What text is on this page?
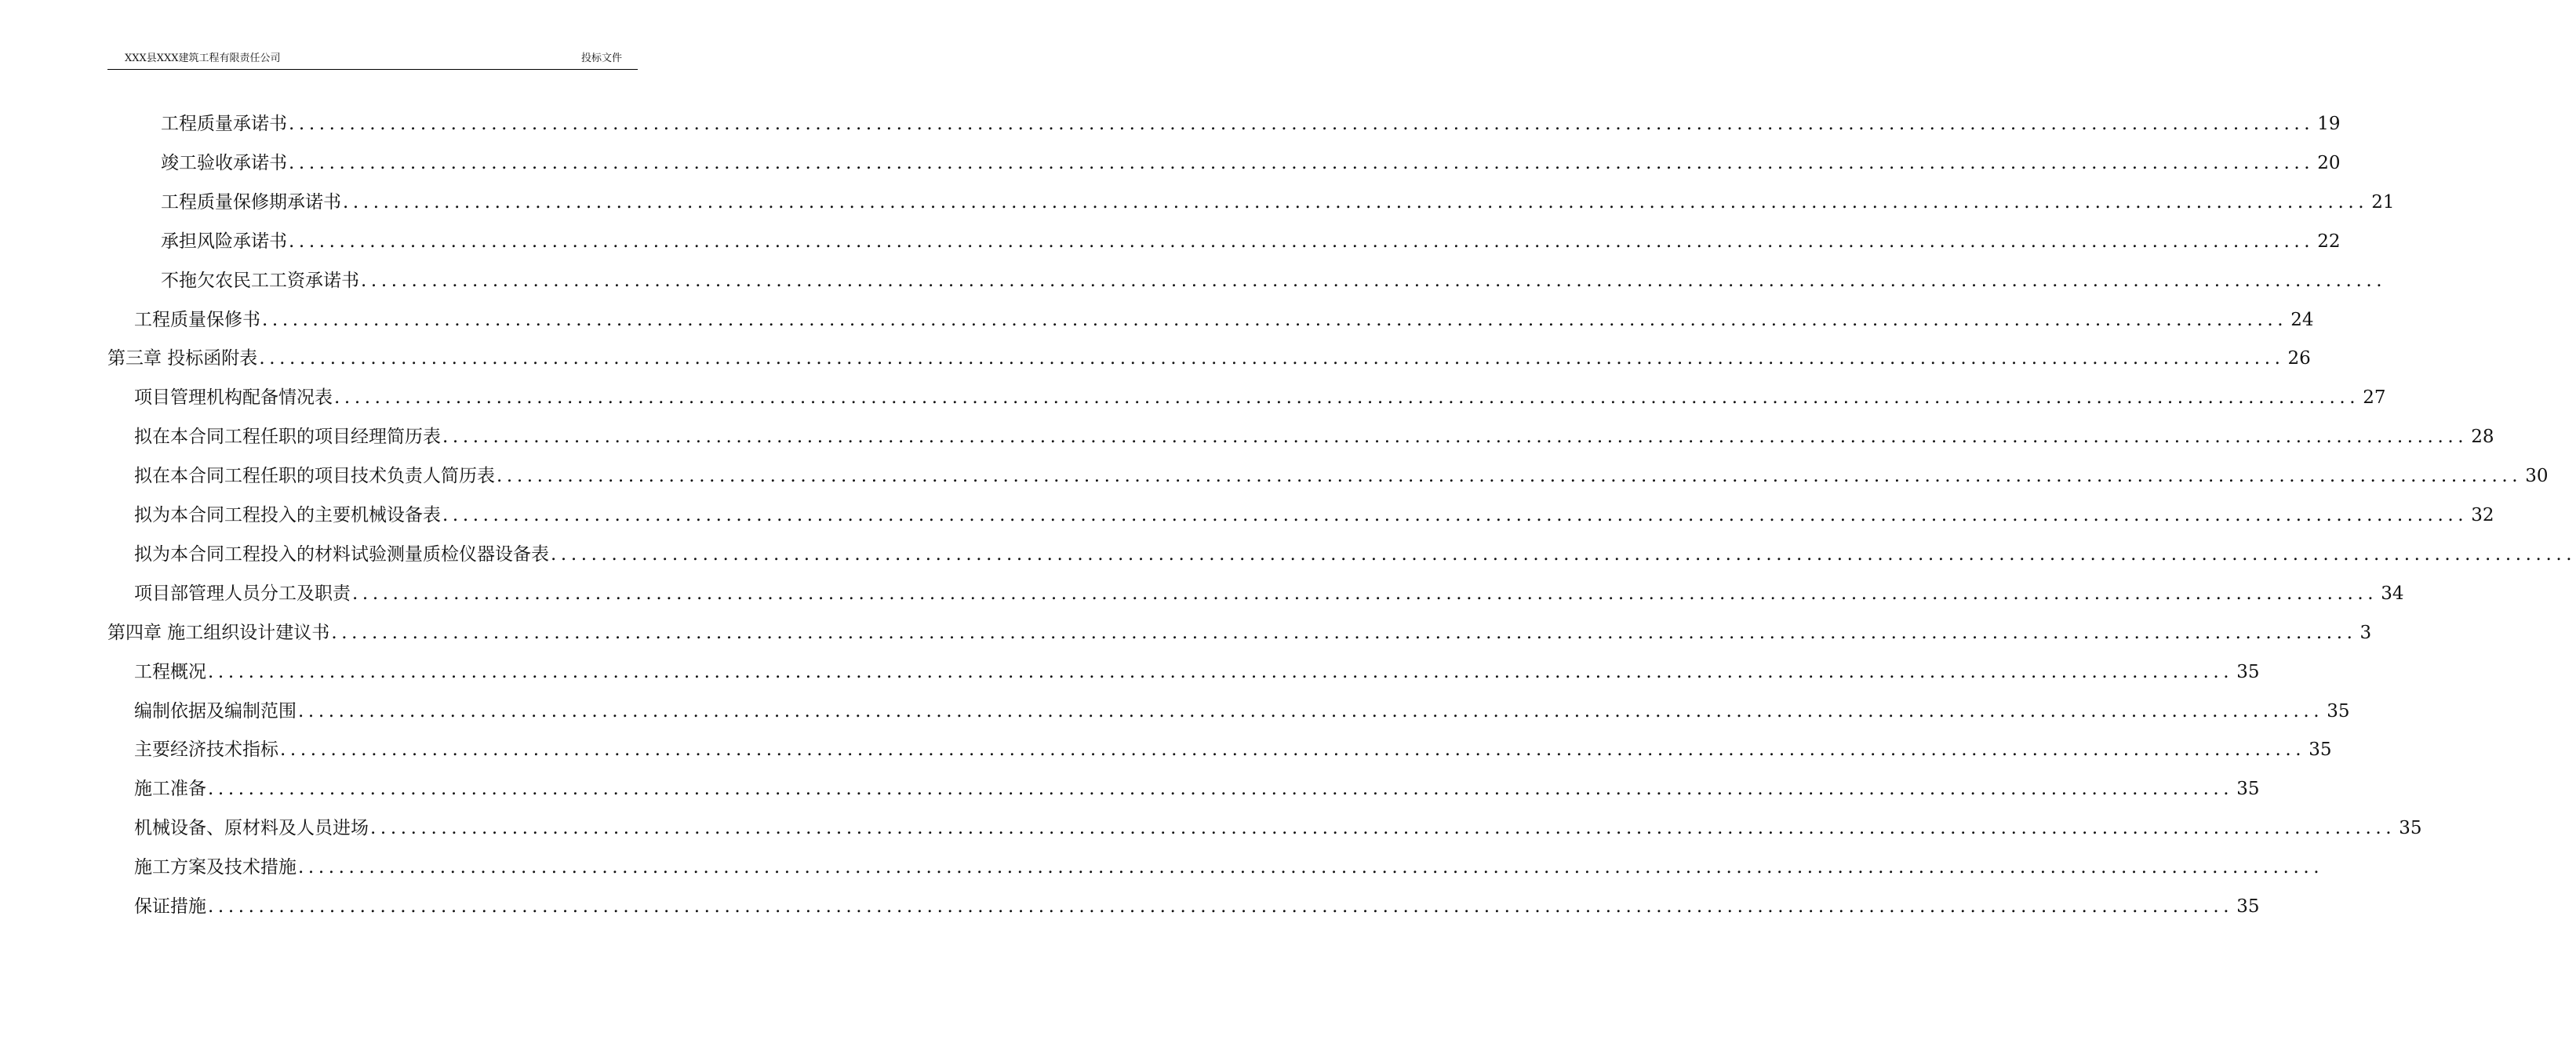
XXX县XXX建筑工程有限责任公司	投标文件
工程质量承诺书 ........................................................................................................................................................................................................ 19
竣工验收承诺书 ........................................................................................................................................................................................................ 20
工程质量保修期承诺书 ........................................................................................................................................................................................................ 21
承担风险承诺书 ........................................................................................................................................................................................................ 22
不拖欠农民工工资承诺书 ........................................................................................................................................................................................................
工程质量保修书 ........................................................................................................................................................................................................ 24
第三章 投标函附表 ........................................................................................................................................................................................................ 26
项目管理机构配备情况表 ........................................................................................................................................................................................................ 27
拟在本合同工程任职的项目经理简历表 ........................................................................................................................................................................................................ 28
拟在本合同工程任职的项目技术负责人简历表 ........................................................................................................................................................................................................ 30
拟为本合同工程投入的主要机械设备表 ........................................................................................................................................................................................................ 32
拟为本合同工程投入的材料试验测量质检仪器设备表 ........................................................................................................................................................................................................
项目部管理人员分工及职责 ........................................................................................................................................................................................................ 34
第四章 施工组织设计建议书 ........................................................................................................................................................................................................ 3
工程概况 ........................................................................................................................................................................................................ 35
编制依据及编制范围 ........................................................................................................................................................................................................ 35
主要经济技术指标 ........................................................................................................................................................................................................ 35
施工准备 ........................................................................................................................................................................................................ 35
机械设备、原材料及人员进场 ........................................................................................................................................................................................................ 35
施工方案及技术措施 ........................................................................................................................................................................................................
保证措施 ........................................................................................................................................................................................................ 35
